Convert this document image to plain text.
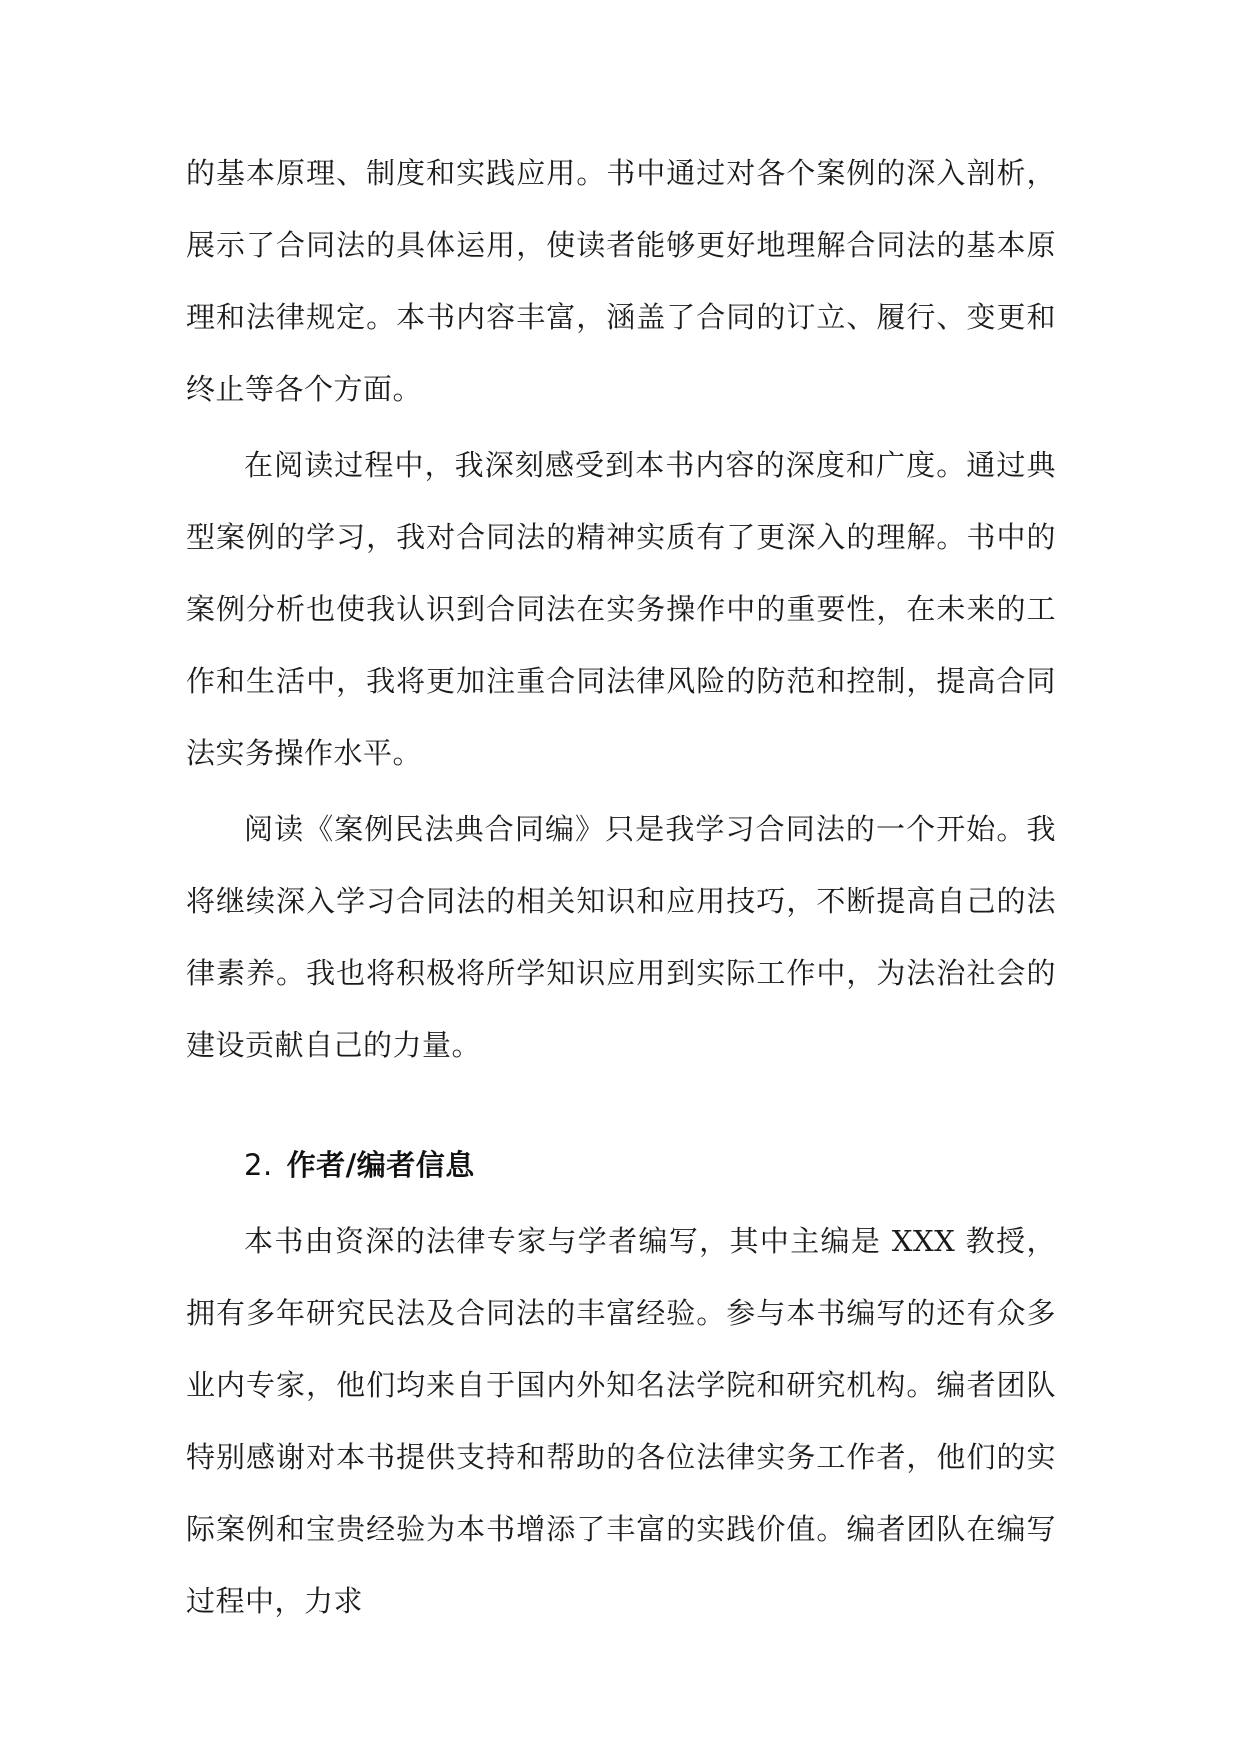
的基本原理、制度和实践应用。书中通过对各个案例的深入剖析，展示了合同法的具体运用，使读者能够更好地理解合同法的基本原理和法律规定。本书内容丰富，涵盖了合同的订立、履行、变更和终止等各个方面。

在阅读过程中，我深刻感受到本书内容的深度和广度。通过典型案例的学习，我对合同法的精神实质有了更深入的理解。书中的案例分析也使我认识到合同法在实务操作中的重要性，在未来的工作和生活中，我将更加注重合同法律风险的防范和控制，提高合同法实务操作水平。

阅读《案例民法典合同编》只是我学习合同法的一个开始。我将继续深入学习合同法的相关知识和应用技巧，不断提高自己的法律素养。我也将积极将所学知识应用到实际工作中，为法治社会的建设贡献自己的力量。

2. 作者/编者信息

本书由资深的法律专家与学者编写，其中主编是 XXX 教授，拥有多年研究民法及合同法的丰富经验。参与本书编写的还有众多业内专家，他们均来自于国内外知名法学院和研究机构。编者团队特别感谢对本书提供支持和帮助的各位法律实务工作者，他们的实际案例和宝贵经验为本书增添了丰富的实践价值。编者团队在编写过程中，力求
